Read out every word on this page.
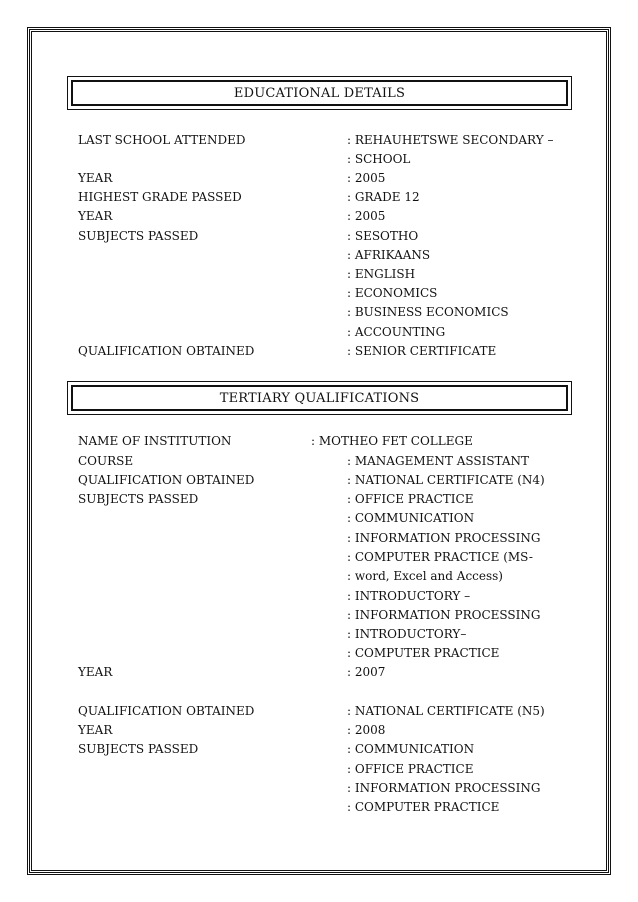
EDUCATIONAL DETAILS
LAST SCHOOL ATTENDED	: REHAUHETSWE SECONDARY –
: SCHOOL
YEAR	: 2005
HIGHEST GRADE PASSED	: GRADE 12
YEAR	: 2005
SUBJECTS PASSED	: SESOTHO
: AFRIKAANS
: ENGLISH
: ECONOMICS
: BUSINESS ECONOMICS
: ACCOUNTING
QUALIFICATION OBTAINED	: SENIOR CERTIFICATE
TERTIARY QUALIFICATIONS
NAME OF INSTITUTION	: MOTHEO FET COLLEGE
COURSE	: MANAGEMENT ASSISTANT
QUALIFICATION OBTAINED	: NATIONAL CERTIFICATE (N4)
SUBJECTS PASSED	: OFFICE PRACTICE
: COMMUNICATION
: INFORMATION PROCESSING
: COMPUTER PRACTICE (MS-
: word, Excel and Access)
: INTRODUCTORY –
: INFORMATION PROCESSING
: INTRODUCTORY–
: COMPUTER PRACTICE
YEAR	: 2007
QUALIFICATION OBTAINED	: NATIONAL CERTIFICATE (N5)
YEAR	: 2008
SUBJECTS PASSED	: COMMUNICATION
: OFFICE PRACTICE
: INFORMATION PROCESSING
: COMPUTER PRACTICE
